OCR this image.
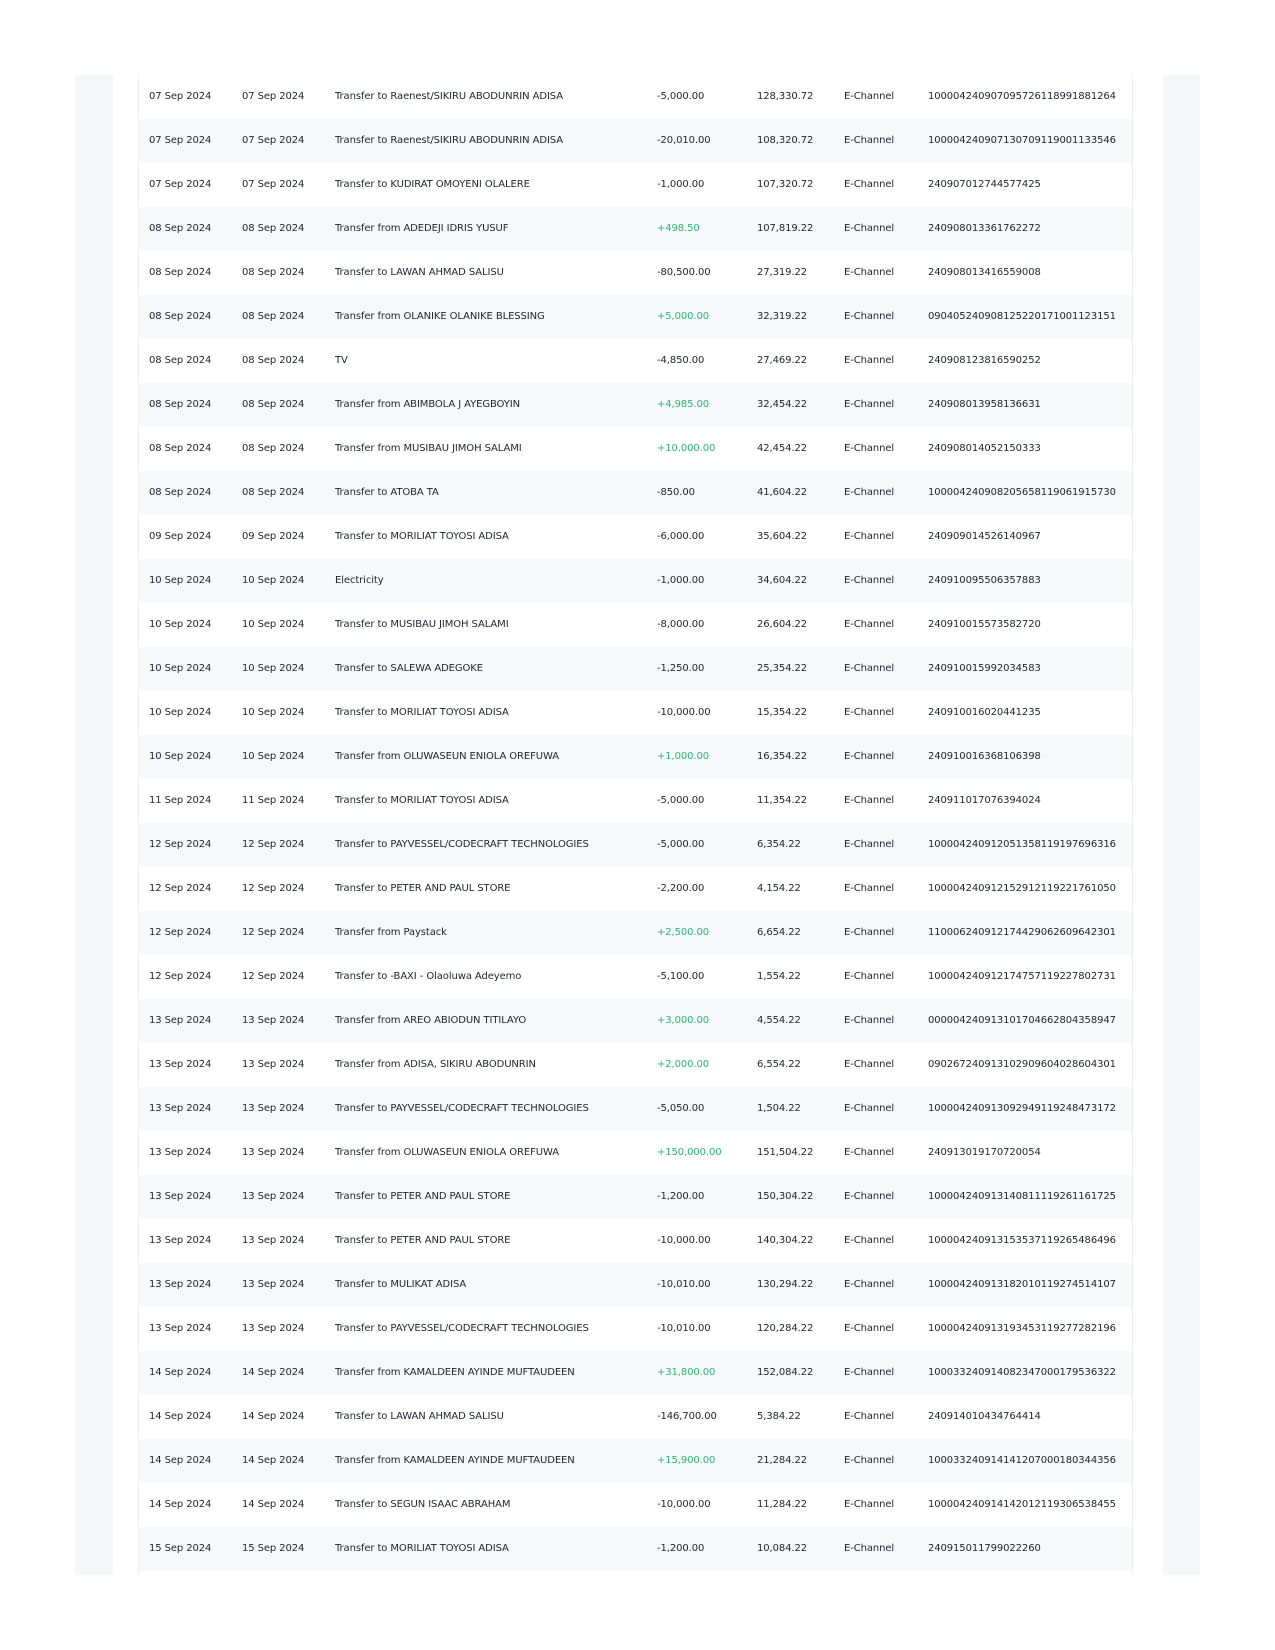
07 Sep 2024	07 Sep 2024	Transfer to Raenest/SIKIRU ABODUNRIN ADISA	-5,000.00	128,330.72	E-Channel	100004240907095726118991881264
07 Sep 2024	07 Sep 2024	Transfer to Raenest/SIKIRU ABODUNRIN ADISA	-20,010.00	108,320.72	E-Channel	100004240907130709119001133546
07 Sep 2024	07 Sep 2024	Transfer to KUDIRAT OMOYENI OLALERE	-1,000.00	107,320.72	E-Channel	240907012744577425
08 Sep 2024	08 Sep 2024	Transfer from ADEDEJI IDRIS YUSUF	+498.50	107,819.22	E-Channel	240908013361762272
08 Sep 2024	08 Sep 2024	Transfer to LAWAN AHMAD SALISU	-80,500.00	27,319.22	E-Channel	240908013416559008
08 Sep 2024	08 Sep 2024	Transfer from OLANIKE OLANIKE BLESSING	+5,000.00	32,319.22	E-Channel	090405240908125220171001123151
08 Sep 2024	08 Sep 2024	TV	-4,850.00	27,469.22	E-Channel	240908123816590252
08 Sep 2024	08 Sep 2024	Transfer from ABIMBOLA J AYEGBOYIN	+4,985.00	32,454.22	E-Channel	240908013958136631
08 Sep 2024	08 Sep 2024	Transfer from MUSIBAU JIMOH SALAMI	+10,000.00	42,454.22	E-Channel	240908014052150333
08 Sep 2024	08 Sep 2024	Transfer to ATOBA TA	-850.00	41,604.22	E-Channel	100004240908205658119061915730
09 Sep 2024	09 Sep 2024	Transfer to MORILIAT TOYOSI ADISA	-6,000.00	35,604.22	E-Channel	240909014526140967
10 Sep 2024	10 Sep 2024	Electricity	-1,000.00	34,604.22	E-Channel	240910095506357883
10 Sep 2024	10 Sep 2024	Transfer to MUSIBAU JIMOH SALAMI	-8,000.00	26,604.22	E-Channel	240910015573582720
10 Sep 2024	10 Sep 2024	Transfer to SALEWA ADEGOKE	-1,250.00	25,354.22	E-Channel	240910015992034583
10 Sep 2024	10 Sep 2024	Transfer to MORILIAT TOYOSI ADISA	-10,000.00	15,354.22	E-Channel	240910016020441235
10 Sep 2024	10 Sep 2024	Transfer from OLUWASEUN ENIOLA OREFUWA	+1,000.00	16,354.22	E-Channel	240910016368106398
11 Sep 2024	11 Sep 2024	Transfer to MORILIAT TOYOSI ADISA	-5,000.00	11,354.22	E-Channel	240911017076394024
12 Sep 2024	12 Sep 2024	Transfer to PAYVESSEL/CODECRAFT TECHNOLOGIES	-5,000.00	6,354.22	E-Channel	100004240912051358119197696316
12 Sep 2024	12 Sep 2024	Transfer to PETER AND PAUL STORE	-2,200.00	4,154.22	E-Channel	100004240912152912119221761050
12 Sep 2024	12 Sep 2024	Transfer from Paystack	+2,500.00	6,654.22	E-Channel	110006240912174429062609642301
12 Sep 2024	12 Sep 2024	Transfer to -BAXI - Olaoluwa Adeyemo	-5,100.00	1,554.22	E-Channel	100004240912174757119227802731
13 Sep 2024	13 Sep 2024	Transfer from AREO ABIODUN TITILAYO	+3,000.00	4,554.22	E-Channel	000004240913101704662804358947
13 Sep 2024	13 Sep 2024	Transfer from ADISA, SIKIRU ABODUNRIN	+2,000.00	6,554.22	E-Channel	090267240913102909604028604301
13 Sep 2024	13 Sep 2024	Transfer to PAYVESSEL/CODECRAFT TECHNOLOGIES	-5,050.00	1,504.22	E-Channel	100004240913092949119248473172
13 Sep 2024	13 Sep 2024	Transfer from OLUWASEUN ENIOLA OREFUWA	+150,000.00	151,504.22	E-Channel	240913019170720054
13 Sep 2024	13 Sep 2024	Transfer to PETER AND PAUL STORE	-1,200.00	150,304.22	E-Channel	100004240913140811119261161725
13 Sep 2024	13 Sep 2024	Transfer to PETER AND PAUL STORE	-10,000.00	140,304.22	E-Channel	100004240913153537119265486496
13 Sep 2024	13 Sep 2024	Transfer to MULIKAT ADISA	-10,010.00	130,294.22	E-Channel	100004240913182010119274514107
13 Sep 2024	13 Sep 2024	Transfer to PAYVESSEL/CODECRAFT TECHNOLOGIES	-10,010.00	120,284.22	E-Channel	100004240913193453119277282196
14 Sep 2024	14 Sep 2024	Transfer from KAMALDEEN AYINDE MUFTAUDEEN	+31,800.00	152,084.22	E-Channel	100033240914082347000179536322
14 Sep 2024	14 Sep 2024	Transfer to LAWAN AHMAD SALISU	-146,700.00	5,384.22	E-Channel	240914010434764414
14 Sep 2024	14 Sep 2024	Transfer from KAMALDEEN AYINDE MUFTAUDEEN	+15,900.00	21,284.22	E-Channel	100033240914141207000180344356
14 Sep 2024	14 Sep 2024	Transfer to SEGUN ISAAC ABRAHAM	-10,000.00	11,284.22	E-Channel	100004240914142012119306538455
15 Sep 2024	15 Sep 2024	Transfer to MORILIAT TOYOSI ADISA	-1,200.00	10,084.22	E-Channel	240915011799022260
